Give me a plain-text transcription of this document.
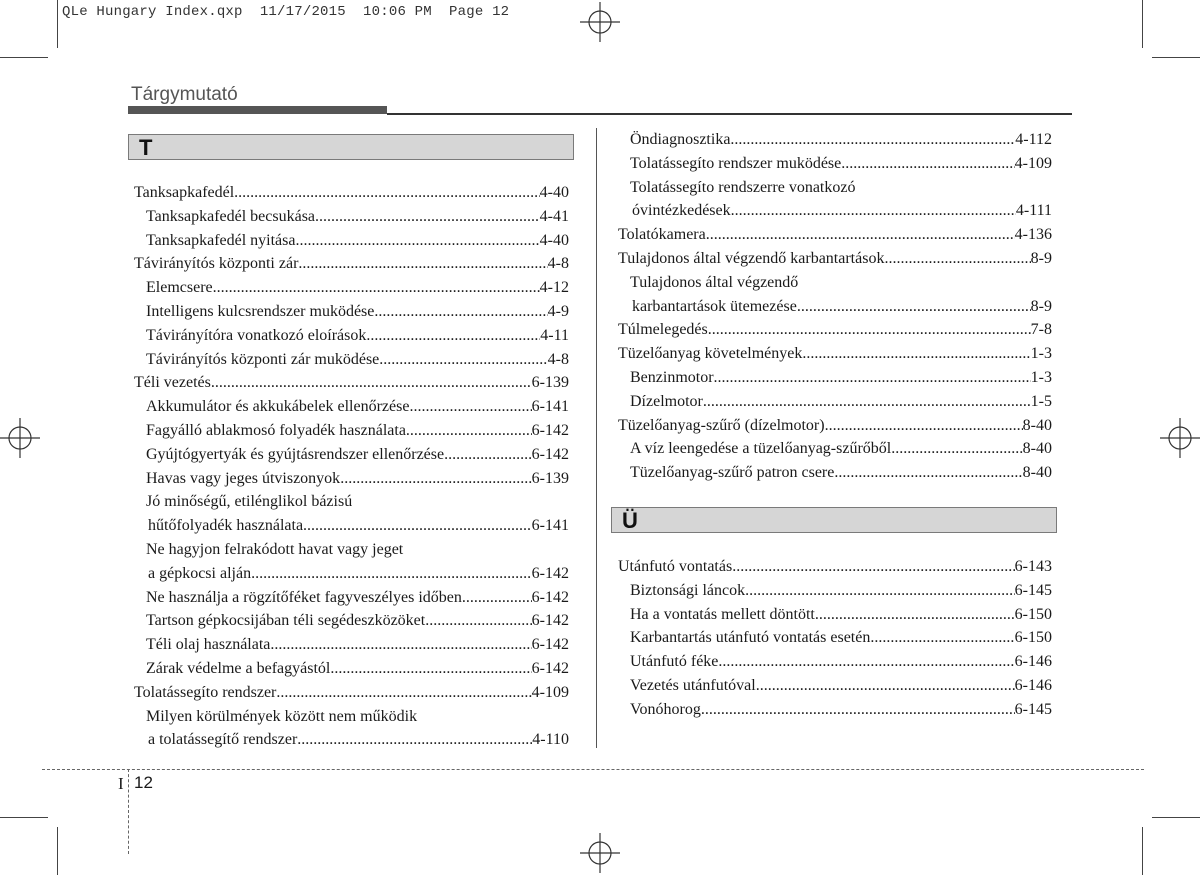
QLe Hungary Index.qxp  11/17/2015  10:06 PM  Page 12
Tárgymutató
T
Tanksapkafedél .....	4-40
Tanksapkafedél becsukása .....	4-41
Tanksapkafedél nyitása .....	4-40
Távirányítós központi zár .....	4-8
Elemcsere .....	4-12
Intelligens kulcsrendszer muködése .....	4-9
Távirányítóra vonatkozó eloírások .....	4-11
Távirányítós központi zár muködése .....	4-8
Téli vezetés .....	6-139
Akkumulátor és akkukábelek ellenőrzése .....	6-141
Fagyálló ablakmosó folyadék használata .....	6-142
Gyújtógyertyák és gyújtásrendszer ellenőrzése .....	6-142
Havas vagy jeges útviszonyok .....	6-139
Jó minőségű, etilénglikol bázisú
hűtőfolyadék használata .....	6-141
Ne hagyjon felrakódott havat vagy jeget
a gépkocsi alján .....	6-142
Ne használja a rögzítőféket fagyveszélyes időben .....	6-142
Tartson gépkocsijában téli segédeszközöket .....	6-142
Téli olaj használata .....	6-142
Zárak védelme a befagyástól .....	6-142
Tolatássegíto rendszer .....	4-109
Milyen körülmények között nem működik
a tolatássegítő rendszer .....	4-110
Öndiagnosztika .....	4-112
Tolatássegíto rendszer muködése .....	4-109
Tolatássegíto rendszerre vonatkozó
óvintézkedések .....	4-111
Tolatókamera .....	4-136
Tulajdonos által végzendő karbantartások .....	8-9
Tulajdonos által végzendő
karbantartások ütemezése .....	8-9
Túlmelegedés .....	7-8
Tüzelőanyag követelmények .....	1-3
Benzinmotor .....	1-3
Dízelmotor .....	1-5
Tüzelőanyag-szűrő (dízelmotor) .....	8-40
A víz leengedése a tüzelőanyag-szűrőből .....	8-40
Tüzelőanyag-szűrő patron csere .....	8-40
Ü
Utánfutó vontatás .....	6-143
Biztonsági láncok .....	6-145
Ha a vontatás mellett döntött .....	6-150
Karbantartás utánfutó vontatás esetén .....	6-150
Utánfutó féke .....	6-146
Vezetés utánfutóval .....	6-146
Vonóhorog .....	6-145
I 12
